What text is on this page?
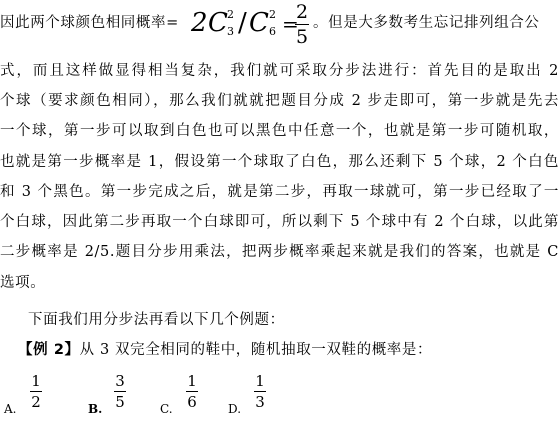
因此两个球颜色相同概率= 2 C 2
3 / C 2
6 =
2
5
。但是大多数考生忘记排列组合公
式，而且这样做显得相当复杂，我们就可采取分步法进行：首先目的是取出 2
个球（要求颜色相同），那么我们就就把题目分成 2 步走即可，第一步就是先去
一个球，第一步可以取到白色也可以黑色中任意一个，也就是第一步可随机取，
也就是第一步概率是 1，假设第一个球取了白色，那么还剩下 5 个球，2 个白色
和 3 个黑色。第一步完成之后，就是第二步，再取一球就可，第一步已经取了一
个白球，因此第二步再取一个白球即可，所以剩下 5 个球中有 2 个白球，以此第
二步概率是 2/5.题目分步用乘法，把两步概率乘起来就是我们的答案，也就是 C
选项。
下面我们用分步法再看以下几个例题：
【例 2】从 3 双完全相同的鞋中，随机抽取一双鞋的概率是：
A.
1
2	B.
3
5	C.
1
6	D.
1
3
